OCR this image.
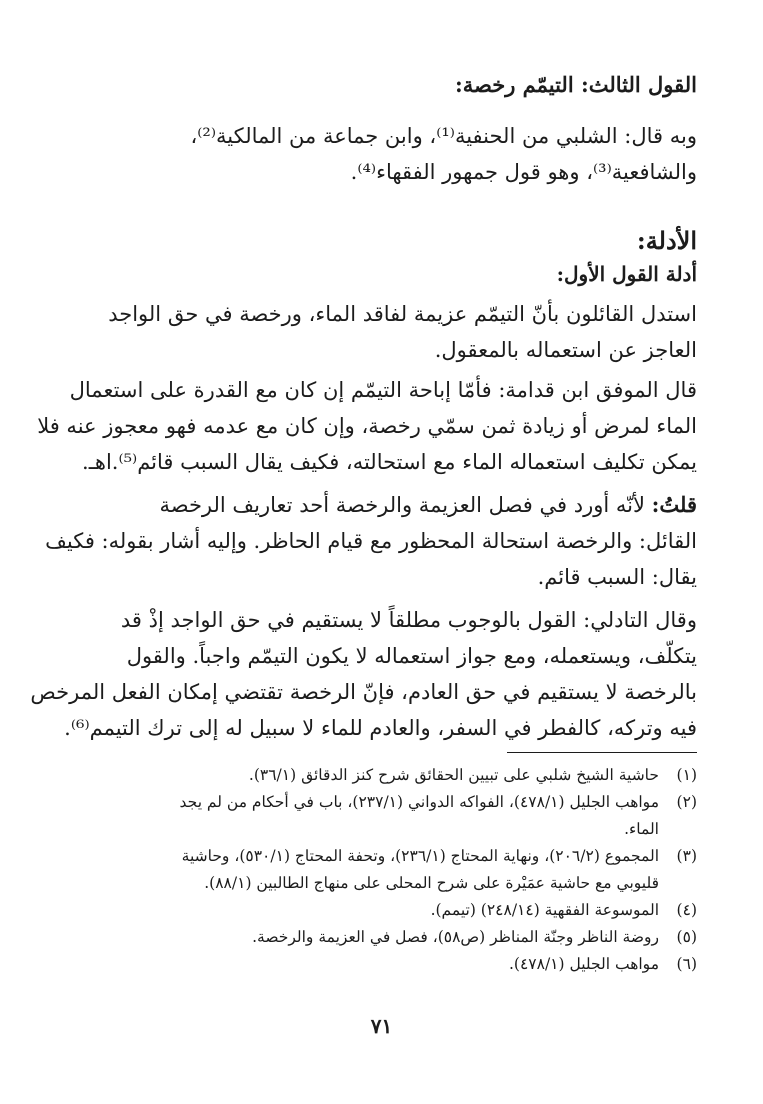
القول الثالث: التيمّم رخصة:
وبه قال: الشلبي من الحنفية⁽¹⁾، وابن جماعة من المالكية⁽²⁾،
والشافعية⁽³⁾، وهو قول جمهور الفقهاء⁽⁴⁾.
الأدلة:
أدلة القول الأول:
استدل القائلون بأنّ التيمّم عزيمة لفاقد الماء، ورخصة في حق الواجد
العاجز عن استعماله بالمعقول.
قال الموفق ابن قدامة: فأمّا إباحة التيمّم إن كان مع القدرة على استعمال
الماء لمرض أو زيادة ثمن سمّي رخصة، وإن كان مع عدمه فهو معجوز عنه فلا
يمكن تكليف استعماله الماء مع استحالته، فكيف يقال السبب قائم⁽⁵⁾.اهـ.
قلتُ: لأنّه أورد في فصل العزيمة والرخصة أحد تعاريف الرخصة
القائل: والرخصة استحالة المحظور مع قيام الحاظر. وإليه أشار بقوله: فكيف
يقال: السبب قائم.
وقال التادلي: القول بالوجوب مطلقاً لا يستقيم في حق الواجد إذْ قد
يتكلّف، ويستعمله، ومع جواز استعماله لا يكون التيمّم واجباً. والقول
بالرخصة لا يستقيم في حق العادم، فإنّ الرخصة تقتضي إمكان الفعل المرخص
فيه وتركه، كالفطر في السفر، والعادم للماء لا سبيل له إلى ترك التيمم⁽⁶⁾.
(١)
حاشية الشيخ شلبي على تبيين الحقائق شرح كنز الدقائق (٣٦/١).
(٢)
مواهب الجليل (٤٧٨/١)، الفواكه الدواني (٢٣٧/١)، باب في أحكام من لم يجد
الماء.
(٣)
المجموع (٢٠٦/٢)، ونهاية المحتاج (٢٣٦/١)، وتحفة المحتاج (٥٣٠/١)، وحاشية
قليوبي مع حاشية عمَيْرة على شرح المحلى على منهاج الطالبين (٨٨/١).
(٤)
الموسوعة الفقهية (٢٤٨/١٤) (تيمم).
(٥)
روضة الناظر وجنّة المناظر (ص٥٨)، فصل في العزيمة والرخصة.
(٦)
مواهب الجليل (٤٧٨/١).
٧١
